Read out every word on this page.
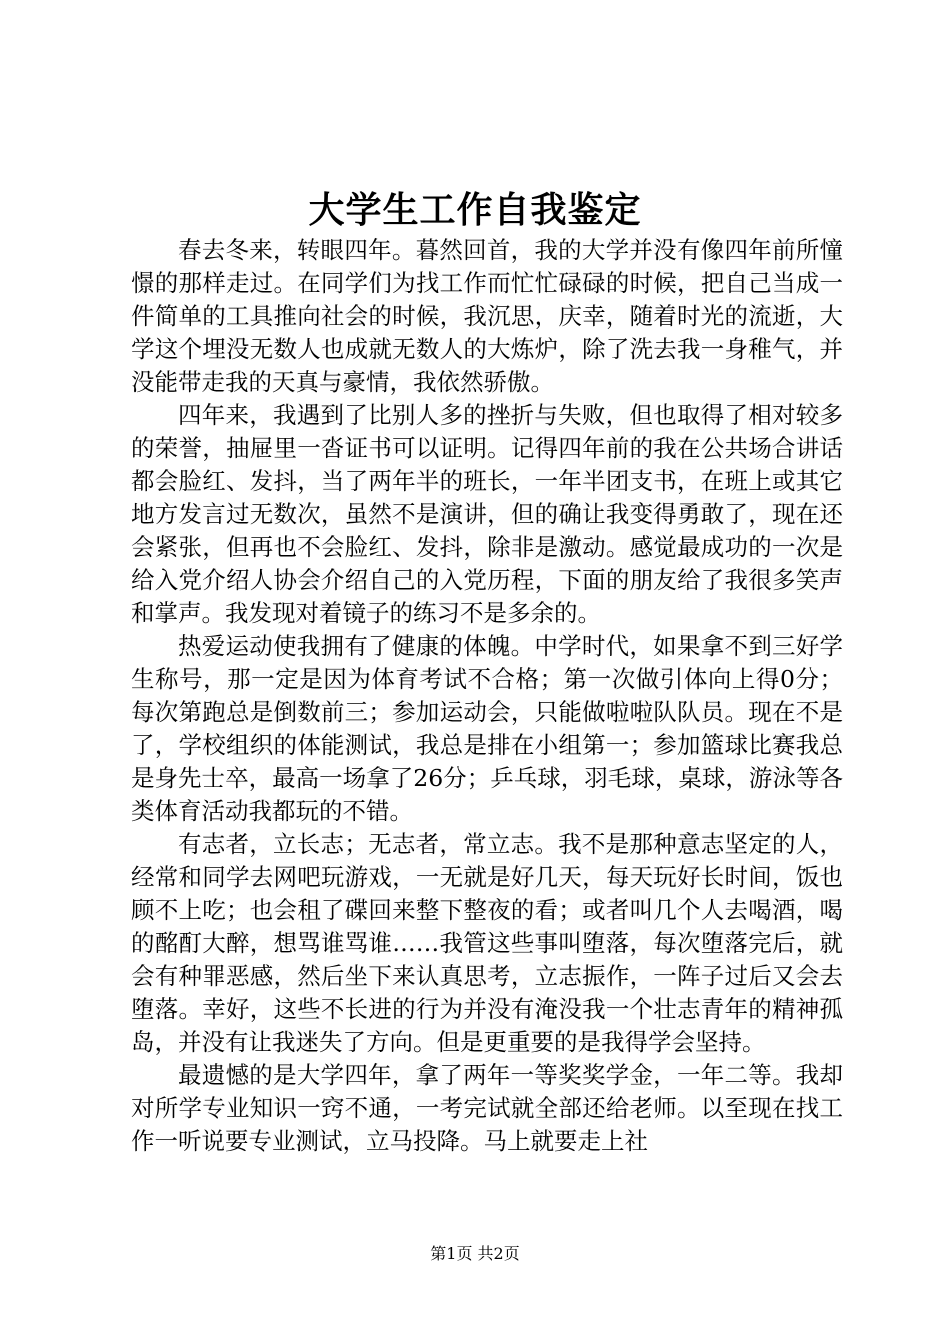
大学生工作自我鉴定

春去冬来，转眼四年。暮然回首，我的大学并没有像四年前所憧憬的那样走过。在同学们为找工作而忙忙碌碌的时候，把自己当成一件简单的工具推向社会的时候，我沉思，庆幸，随着时光的流逝，大学这个埋没无数人也成就无数人的大炼炉，除了洗去我一身稚气，并没能带走我的天真与豪情，我依然骄傲。

四年来，我遇到了比别人多的挫折与失败，但也取得了相对较多的荣誉，抽屉里一沓证书可以证明。记得四年前的我在公共场合讲话都会脸红、发抖，当了两年半的班长，一年半团支书，在班上或其它地方发言过无数次，虽然不是演讲，但的确让我变得勇敢了，现在还会紧张，但再也不会脸红、发抖，除非是激动。感觉最成功的一次是给入党介绍人协会介绍自己的入党历程，下面的朋友给了我很多笑声和掌声。我发现对着镜子的练习不是多余的。

热爱运动使我拥有了健康的体魄。中学时代，如果拿不到三好学生称号，那一定是因为体育考试不合格；第一次做引体向上得0分；每次第跑总是倒数前三；参加运动会，只能做啦啦队队员。现在不是了，学校组织的体能测试，我总是排在小组第一；参加篮球比赛我总是身先士卒，最高一场拿了26分；乒乓球，羽毛球，桌球，游泳等各类体育活动我都玩的不错。

有志者，立长志；无志者，常立志。我不是那种意志坚定的人，经常和同学去网吧玩游戏，一无就是好几天，每天玩好长时间，饭也顾不上吃；也会租了碟回来整下整夜的看；或者叫几个人去喝酒，喝的酩酊大醉，想骂谁骂谁……我管这些事叫堕落，每次堕落完后，就会有种罪恶感，然后坐下来认真思考，立志振作，一阵子过后又会去堕落。幸好，这些不长进的行为并没有淹没我一个壮志青年的精神孤岛，并没有让我迷失了方向。但是更重要的是我得学会坚持。

最遗憾的是大学四年，拿了两年一等奖奖学金，一年二等。我却对所学专业知识一窍不通，一考完试就全部还给老师。以至现在找工作一听说要专业测试，立马投降。马上就要走上社

第1页 共2页
